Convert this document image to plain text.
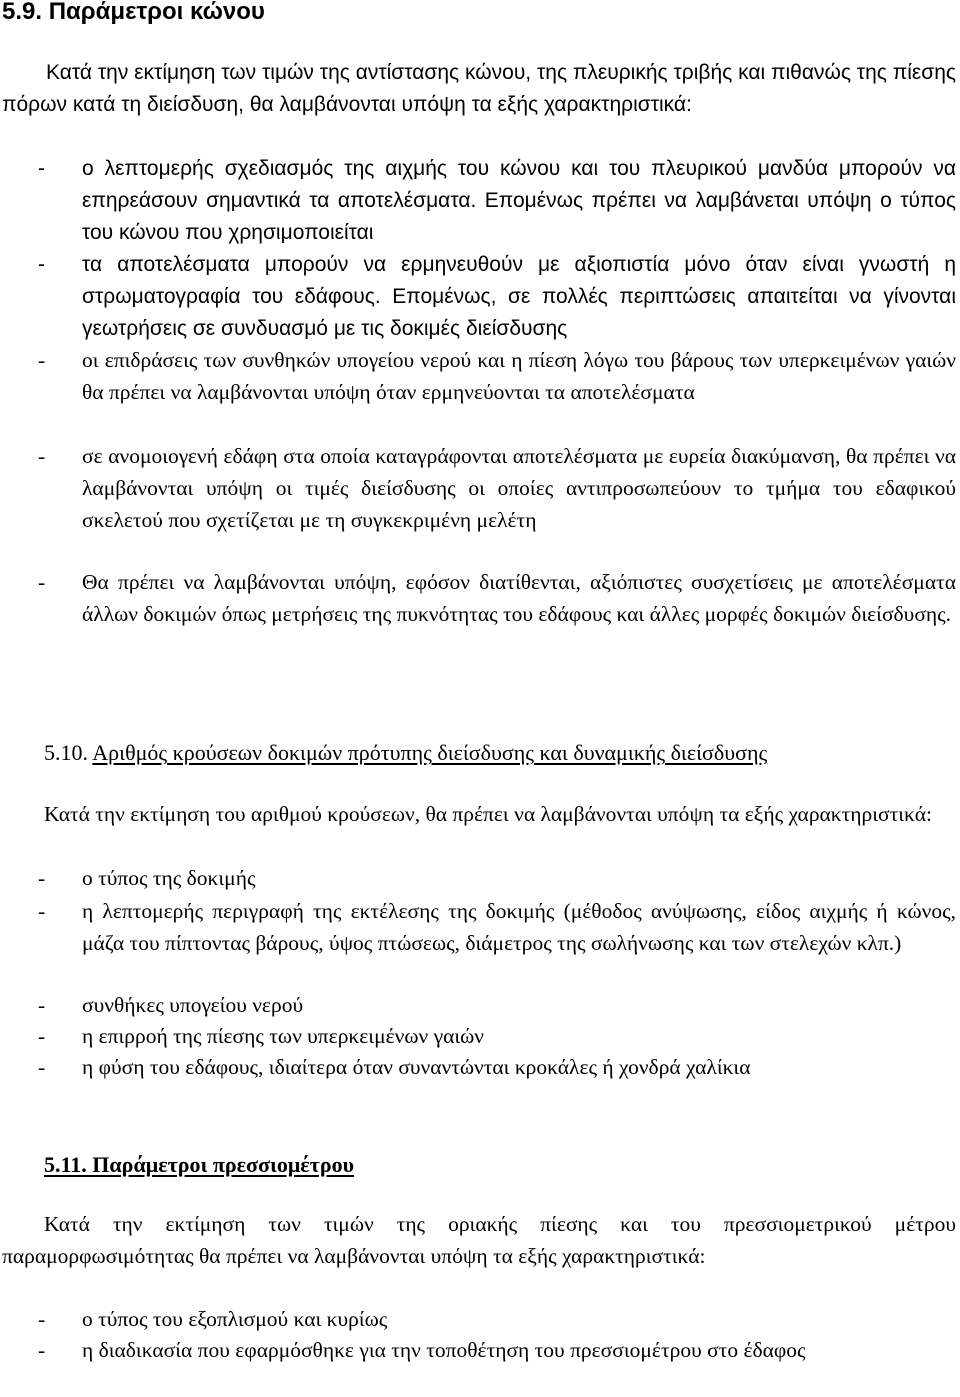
5.9. Παράμετροι κώνου

Κατά την εκτίμηση των τιμών της αντίστασης κώνου, της πλευρικής τριβής και πιθανώς της πίεσης πόρων κατά τη διείσδυση, θα λαμβάνονται υπόψη τα εξής χαρακτηριστικά:

- ο λεπτομερής σχεδιασμός της αιχμής του κώνου και του πλευρικού μανδύα μπορούν να επηρεάσουν σημαντικά τα αποτελέσματα. Επομένως πρέπει να λαμβάνεται υπόψη ο τύπος του κώνου που χρησιμοποιείται
- τα αποτελέσματα μπορούν να ερμηνευθούν με αξιοπιστία μόνο όταν είναι γνωστή η στρωματογραφία του εδάφους. Επομένως, σε πολλές περιπτώσεις απαιτείται να γίνονται γεωτρήσεις σε συνδυασμό με τις δοκιμές διείσδυσης
- οι επιδράσεις των συνθηκών υπογείου νερού και η πίεση λόγω του βάρους των υπερκειμένων γαιών θα πρέπει να λαμβάνονται υπόψη όταν ερμηνεύονται τα αποτελέσματα
- σε ανομοιογενή εδάφη στα οποία καταγράφονται αποτελέσματα με ευρεία διακύμανση, θα πρέπει να λαμβάνονται υπόψη οι τιμές διείσδυσης οι οποίες αντιπροσωπεύουν το τμήμα του εδαφικού σκελετού που σχετίζεται με τη συγκεκριμένη μελέτη
- Θα πρέπει να λαμβάνονται υπόψη, εφόσον διατίθενται, αξιόπιστες συσχετίσεις με αποτελέσματα άλλων δοκιμών όπως μετρήσεις της πυκνότητας του εδάφους και άλλες μορφές δοκιμών διείσδυσης.
5.10. Αριθμός κρούσεων δοκιμών πρότυπης διείσδυσης και δυναμικής διείσδυσης

Κατά την εκτίμηση του αριθμού κρούσεων, θα πρέπει να λαμβάνονται υπόψη τα εξής χαρακτηριστικά:

- ο τύπος της δοκιμής
- η λεπτομερής περιγραφή της εκτέλεσης της δοκιμής (μέθοδος ανύψωσης, είδος αιχμής ή κώνος, μάζα του πίπτοντας βάρους, ύψος πτώσεως, διάμετρος της σωλήνωσης και των στελεχών κλπ.)
- συνθήκες υπογείου νερού
- η επιρροή της πίεσης των υπερκειμένων γαιών
- η φύση του εδάφους, ιδιαίτερα όταν συναντώνται κροκάλες ή χονδρά χαλίκια
5.11. Παράμετροι πρεσσιομέτρου

Κατά την εκτίμηση των τιμών της οριακής πίεσης και του πρεσσιομετρικού μέτρου παραμορφωσιμότητας θα πρέπει να λαμβάνονται υπόψη τα εξής χαρακτηριστικά:

- ο τύπος του εξοπλισμού και κυρίως
- η διαδικασία που εφαρμόσθηκε για την τοποθέτηση του πρεσσιομέτρου στο έδαφος
